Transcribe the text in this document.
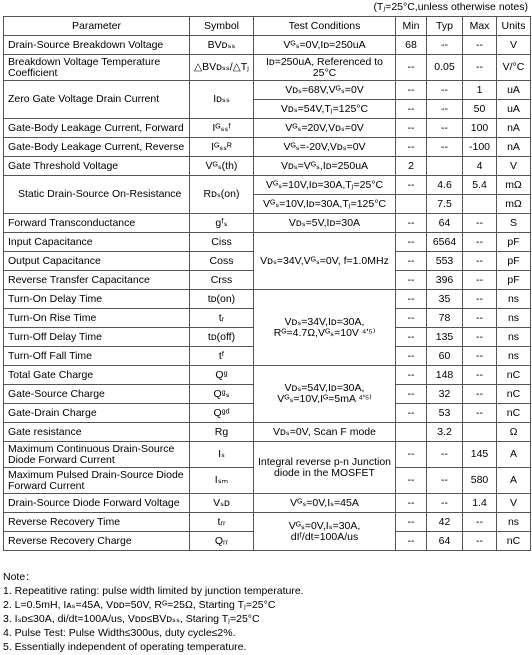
(Tⱼ=25°C,unless otherwise notes)
Parameter	Symbol	Test Conditions	Min	Typ	Max	Units
Drain-Source Breakdown Voltage	BVᴅₛₛ	Vᴳₛ=0V,Iᴅ=250uA	68	--	--	V
Breakdown Voltage Temperature Coefficient	△BVᴅₛₛ/△Tⱼ	Iᴅ=250uA, Referenced to 25°C	--	0.05	--	V/°C
Zero Gate Voltage Drain Current	Iᴅₛₛ	Vᴅₛ=68V,Vᴳₛ=0V	--	--	1	uA
		Vᴅₛ=54V,Tⱼ=125°C	--	--	50	uA
Gate-Body Leakage Current, Forward	Iᴳₛₛᶠ	Vᴳₛ=20V,Vᴅₛ=0V	--	--	100	nA
Gate-Body Leakage Current, Reverse	Iᴳₛₛᴿ	Vᴳₛ=-20V,Vᴅₛ=0V	--	--	-100	nA
Gate Threshold Voltage	Vᴳₛ(th)	Vᴅₛ=Vᴳₛ,Iᴅ=250uA	2		4	V
Static Drain-Source On-Resistance	Rᴅₛ(on)	Vᴳₛ=10V,Iᴅ=30A,Tⱼ=25°C	--	4.6	5.4	mΩ
		Vᴳₛ=10V,Iᴅ=30A,Tⱼ=125°C		7.5		mΩ
Forward Transconductance	gᶠₛ	Vᴅₛ=5V,Iᴅ=30A	--	64	--	S
Input Capacitance	Ciss	Vᴅₛ=34V,Vᴳₛ=0V, f=1.0MHz	--	6564	--	pF
Output Capacitance	Coss		--	553	--	pF
Reverse Transfer Capacitance	Crss		--	396	--	pF
Turn-On Delay Time	tᴅ(on)	Vᴅₛ=34V,Iᴅ=30A, Rᴳ=4.7Ω,Vᴳₛ=10V ⁴ʹ⁵⁾	--	35	--	ns
Turn-On Rise Time	tᵣ		--	78	--	ns
Turn-Off Delay Time	tᴅ(off)		--	135	--	ns
Turn-Off Fall Time	tᶠ		--	60	--	ns
Total Gate Charge	Qᵍ	Vᴅₛ=54V,Iᴅ=30A, Vᴳₛ=10V,Iᴳ=5mA ⁴ʹ⁵⁾	--	148	--	nC
Gate-Source Charge	Qᵍₛ		--	32	--	nC
Gate-Drain Charge	Qᵍᵈ		--	53	--	nC
Gate resistance	Rg	Vᴅₛ=0V, Scan F mode		3.2		Ω
Maximum Continuous Drain-Source Diode Forward Current	Iₛ	Integral reverse p-n Junction diode in the MOSFET	--	--	145	A
Maximum Pulsed Drain-Source Diode Forward Current	Iₛₘ		--	--	580	A
Drain-Source Diode Forward Voltage	Vₛᴅ	Vᴳₛ=0V,Iₛ=45A	--	--	1.4	V
Reverse Recovery Time	tᵣᵣ	Vᴳₛ=0V,Iₛ=30A, dIᶠ/dt=100A/us	--	42	--	ns
Reverse Recovery Charge	Qᵣᵣ		--	64	--	nC
Note：
1. Repeatitive rating: pulse width limited by junction temperature.
2. L=0.5mH, Iᴀₛ=45A, Vᴅᴅ=50V, Rᴳ=25Ω, Starting Tⱼ=25°C
3. Iₛᴅ≤30A, di/dt=100A/us, Vᴅᴅ≤BVᴅₛₛ, Staring Tⱼ=25°C
4. Pulse Test: Pulse Width≤300us, duty cycle≤2%.
5. Essentially independent of operating temperature.
